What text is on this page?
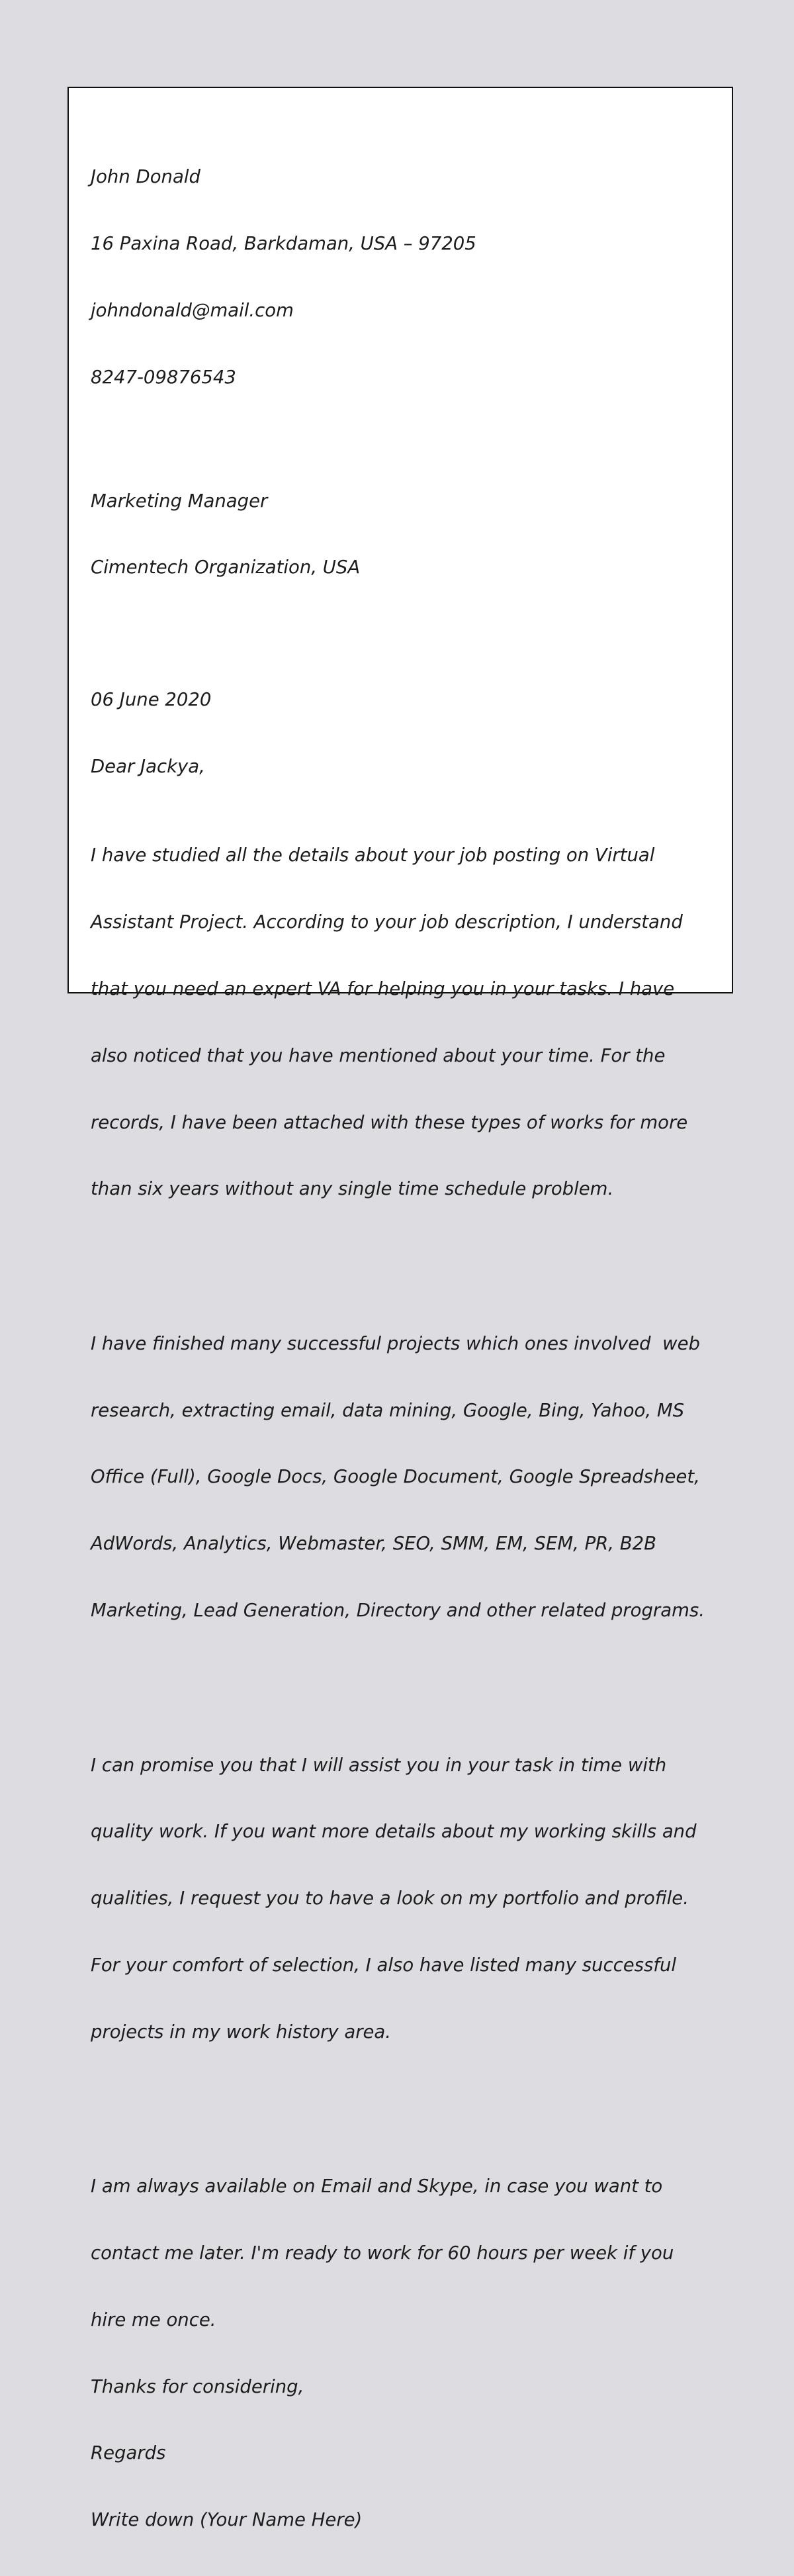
John Donald

16 Paxina Road, Barkdaman, USA – 97205

johndonald@mail.com

8247-09876543

Marketing Manager

Cimentech Organization, USA

06 June 2020

Dear Jackya,

I have studied all the details about your job posting on Virtual

Assistant Project. According to your job description, I understand

that you need an expert VA for helping you in your tasks. I have

also noticed that you have mentioned about your time. For the

records, I have been attached with these types of works for more

than six years without any single time schedule problem.

I have finished many successful projects which ones involved  web

research, extracting email, data mining, Google, Bing, Yahoo, MS

Office (Full), Google Docs, Google Document, Google Spreadsheet,

AdWords, Analytics, Webmaster, SEO, SMM, EM, SEM, PR, B2B

Marketing, Lead Generation, Directory and other related programs.

I can promise you that I will assist you in your task in time with

quality work. If you want more details about my working skills and

qualities, I request you to have a look on my portfolio and profile.

For your comfort of selection, I also have listed many successful

projects in my work history area.

I am always available on Email and Skype, in case you want to

contact me later. I'm ready to work for 60 hours per week if you

hire me once.

Thanks for considering,

Regards

Write down (Your Name Here)
